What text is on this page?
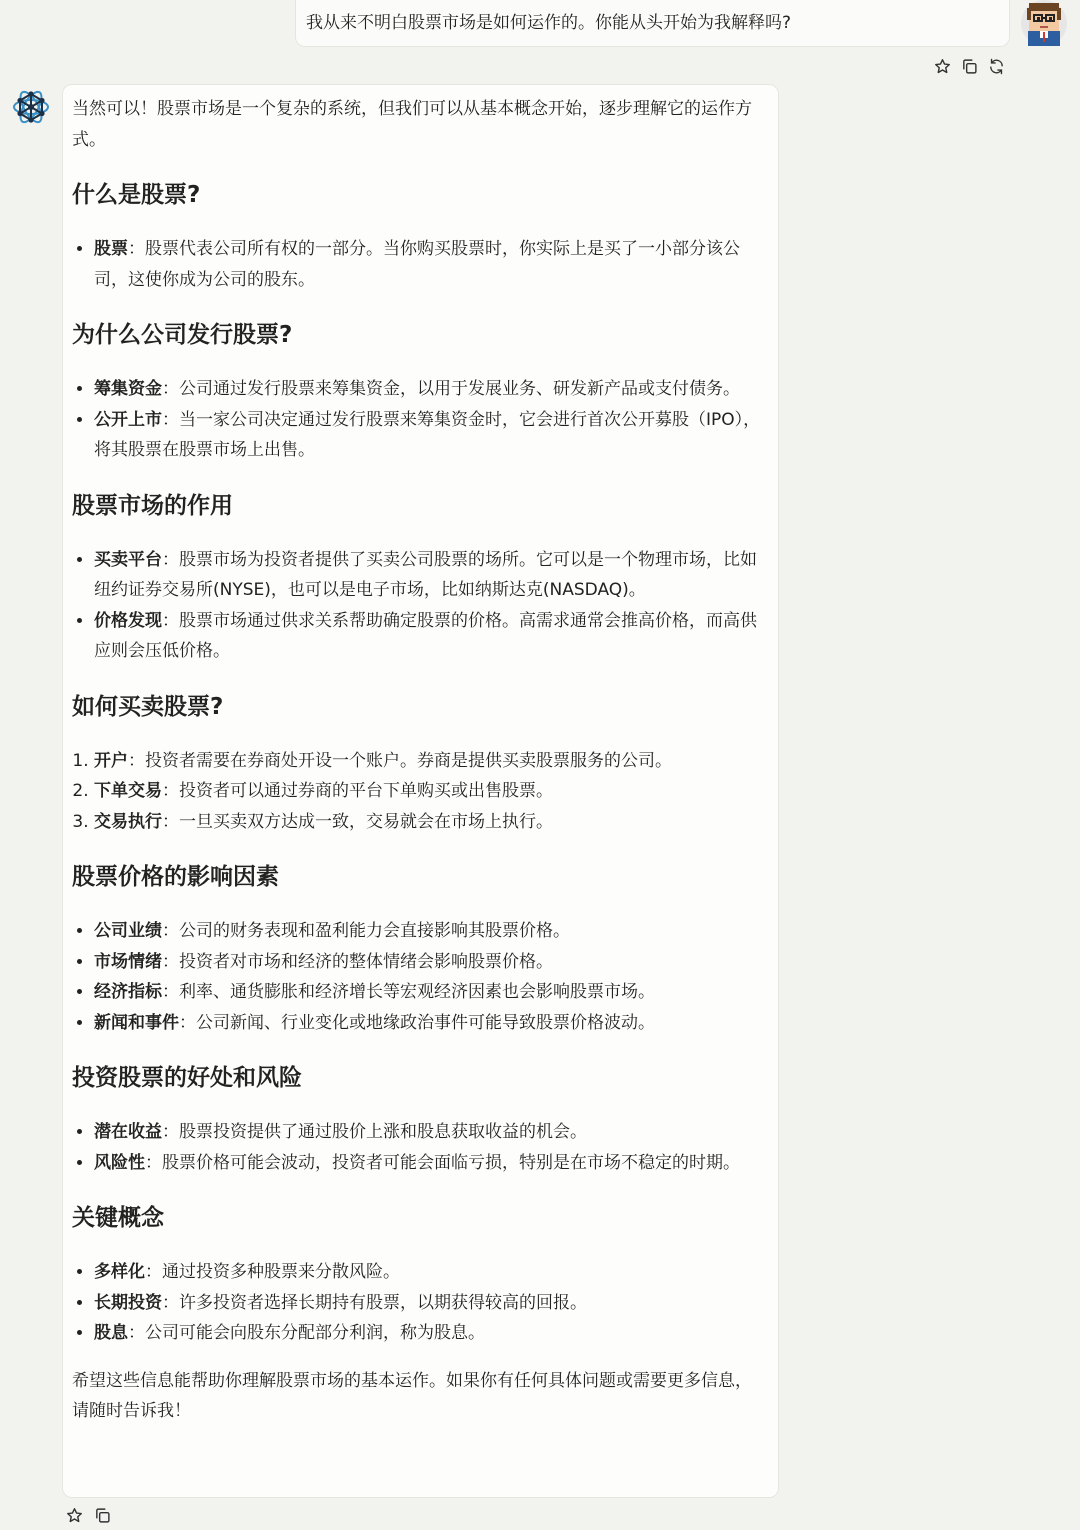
我从来不明白股票市场是如何运作的。你能从头开始为我解释吗?

当然可以！股票市场是一个复杂的系统，但我们可以从基本概念开始，逐步理解它的运作方式。

什么是股票?
• 股票：股票代表公司所有权的一部分。当你购买股票时，你实际上是买了一小部分该公司，这使你成为公司的股东。
为什么公司发行股票?
• 筹集资金：公司通过发行股票来筹集资金，以用于发展业务、研发新产品或支付债务。
• 公开上市：当一家公司决定通过发行股票来筹集资金时，它会进行首次公开募股（IPO），将其股票在股票市场上出售。
股票市场的作用
• 买卖平台：股票市场为投资者提供了买卖公司股票的场所。它可以是一个物理市场，比如纽约证券交易所(NYSE)，也可以是电子市场，比如纳斯达克(NASDAQ)。
• 价格发现：股票市场通过供求关系帮助确定股票的价格。高需求通常会推高价格，而高供应则会压低价格。
如何买卖股票?
1. 开户：投资者需要在券商处开设一个账户。券商是提供买卖股票服务的公司。
2. 下单交易：投资者可以通过券商的平台下单购买或出售股票。
3. 交易执行：一旦买卖双方达成一致，交易就会在市场上执行。
股票价格的影响因素
• 公司业绩：公司的财务表现和盈利能力会直接影响其股票价格。
• 市场情绪：投资者对市场和经济的整体情绪会影响股票价格。
• 经济指标：利率、通货膨胀和经济增长等宏观经济因素也会影响股票市场。
• 新闻和事件：公司新闻、行业变化或地缘政治事件可能导致股票价格波动。
投资股票的好处和风险
• 潜在收益：股票投资提供了通过股价上涨和股息获取收益的机会。
• 风险性：股票价格可能会波动，投资者可能会面临亏损，特别是在市场不稳定的时期。
关键概念
• 多样化：通过投资多种股票来分散风险。
• 长期投资：许多投资者选择长期持有股票，以期获得较高的回报。
• 股息：公司可能会向股东分配部分利润，称为股息。

希望这些信息能帮助你理解股票市场的基本运作。如果你有任何具体问题或需要更多信息，请随时告诉我！
